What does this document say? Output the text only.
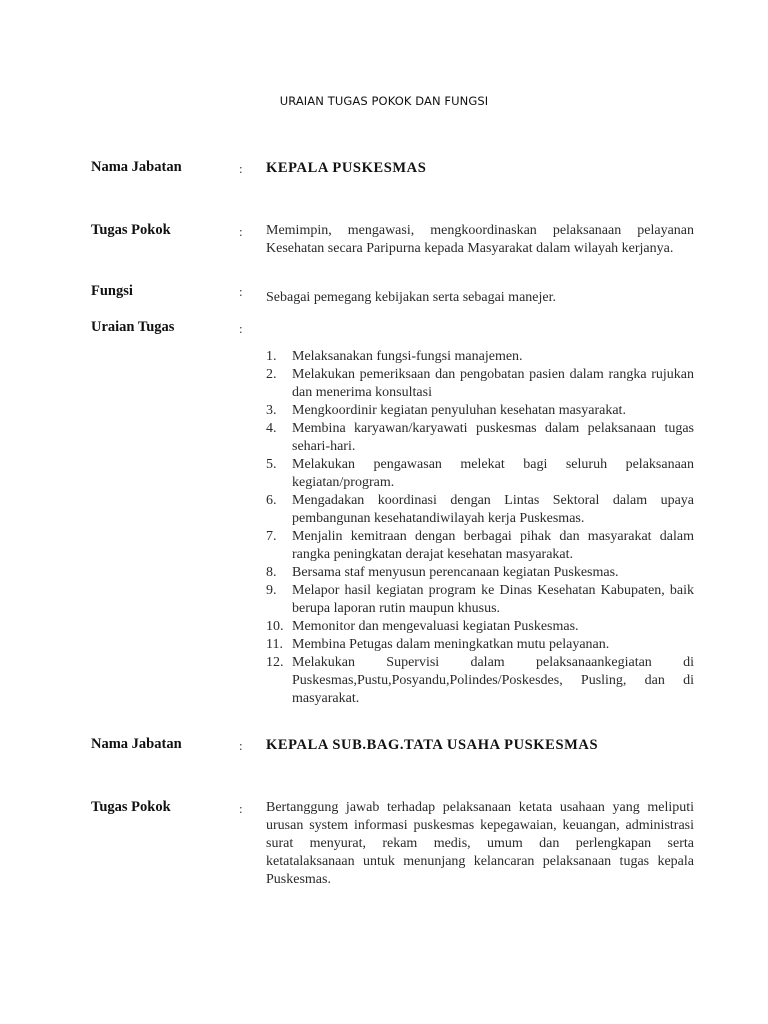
URAIAN TUGAS POKOK DAN FUNGSI
Nama Jabatan	: KEPALA PUSKESMAS
Tugas Pokok	: Memimpin, mengawasi, mengkoordinaskan pelaksanaan pelayanan Kesehatan secara Paripurna kepada Masyarakat dalam wilayah kerjanya.
Fungsi	: Sebagai pemegang kebijakan serta sebagai manejer.
Uraian Tugas	:
1. Melaksanakan fungsi-fungsi manajemen.
2. Melakukan pemeriksaan dan pengobatan pasien dalam rangka rujukan dan menerima konsultasi
3. Mengkoordinir kegiatan penyuluhan kesehatan masyarakat.
4. Membina karyawan/karyawati puskesmas dalam pelaksanaan tugas sehari-hari.
5. Melakukan pengawasan melekat bagi seluruh pelaksanaan kegiatan/program.
6. Mengadakan koordinasi dengan Lintas Sektoral dalam upaya pembangunan kesehatandiwilayah kerja Puskesmas.
7. Menjalin kemitraan dengan berbagai pihak dan masyarakat dalam rangka peningkatan derajat kesehatan masyarakat.
8. Bersama staf menyusun perencanaan kegiatan Puskesmas.
9. Melapor hasil kegiatan program ke Dinas Kesehatan Kabupaten, baik berupa laporan rutin maupun khusus.
10. Memonitor dan mengevaluasi kegiatan Puskesmas.
11. Membina Petugas dalam meningkatkan mutu pelayanan.
12. Melakukan Supervisi dalam pelaksanaankegiatan di Puskesmas,Pustu,Posyandu,Polindes/Poskesdes, Pusling, dan di masyarakat.
Nama Jabatan	: KEPALA SUB.BAG.TATA USAHA PUSKESMAS
Tugas Pokok	: Bertanggung jawab terhadap pelaksanaan ketata usahaan yang meliputi urusan system informasi puskesmas kepegawaian, keuangan, administrasi surat menyurat, rekam medis, umum dan perlengkapan serta ketatalaksanaan untuk menunjang kelancaran pelaksanaan tugas kepala Puskesmas.
